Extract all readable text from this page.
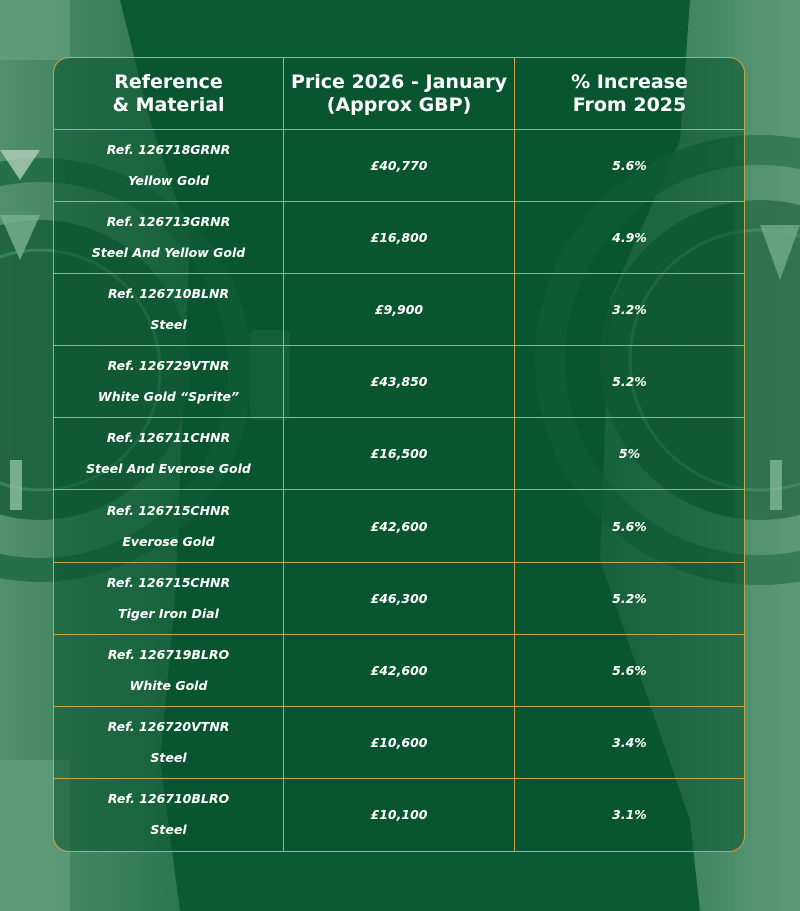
Reference
& Material
Price 2026 - January
(Approx GBP)
% Increase
From 2025
Ref. 126718GRNR
Yellow Gold
£40,770	5.6%
Ref. 126713GRNR
Steel And Yellow Gold
£16,800	4.9%
Ref. 126710BLNR
Steel
£9,900	3.2%
Ref. 126729VTNR
White Gold “Sprite”
£43,850	5.2%
Ref. 126711CHNR
Steel And Everose Gold
£16,500	5%
Ref. 126715CHNR
Everose Gold
£42,600	5.6%
Ref. 126715CHNR
Tiger Iron Dial
£46,300	5.2%
Ref. 126719BLRO
White Gold
£42,600	5.6%
Ref. 126720VTNR
Steel
£10,600	3.4%
Ref. 126710BLRO
Steel
£10,100	3.1%
